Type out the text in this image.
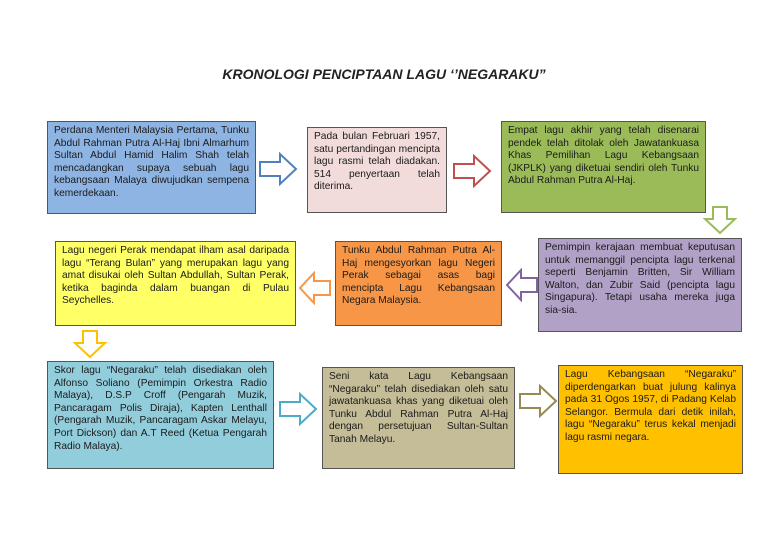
KRONOLOGI PENCIPTAAN LAGU ‘’NEGARAKU”
Perdana Menteri Malaysia Pertama, Tunku Abdul Rahman Putra Al-Haj Ibni Almarhum Sultan Abdul Hamid Halim Shah telah mencadangkan supaya sebuah lagu kebangsaan Malaya diwujudkan sempena kemerdekaan.
Pada bulan Februari 1957, satu pertandingan mencipta lagu rasmi telah diadakan. 514 penyertaan telah diterima.
Empat lagu akhir yang telah disenarai pendek telah ditolak oleh Jawatankuasa Khas Pemilihan Lagu Kebangsaan (JKPLK) yang diketuai sendiri oleh Tunku Abdul Rahman Putra Al-Haj.
Lagu negeri Perak mendapat ilham asal daripada lagu “Terang Bulan” yang merupakan lagu yang amat disukai oleh Sultan Abdullah, Sultan Perak, ketika baginda dalam buangan di Pulau Seychelles.
Tunku Abdul Rahman Putra Al-Haj mengesyorkan lagu Negeri Perak sebagai asas bagi mencipta Lagu Kebangsaan Negara Malaysia.
Pemimpin kerajaan membuat keputusan untuk memanggil pencipta lagu terkenal seperti Benjamin Britten, Sir William Walton, dan Zubir Said (pencipta lagu Singapura). Tetapi usaha mereka juga sia-sia.
Skor lagu “Negaraku” telah disediakan oleh Alfonso Soliano (Pemimpin Orkestra Radio Malaya), D.S.P Croff (Pengarah Muzik, Pancaragam Polis Diraja), Kapten Lenthall (Pengarah Muzik, Pancaragam Askar Melayu, Port Dickson) dan A.T Reed (Ketua Pengarah Radio Malaya).
Seni kata Lagu Kebangsaan “Negaraku” telah disediakan oleh satu jawatankuasa khas yang diketuai oleh Tunku Abdul Rahman Putra Al-Haj dengan persetujuan Sultan-Sultan Tanah Melayu.
Lagu Kebangsaan “Negaraku” diperdengarkan buat julung kalinya pada 31 Ogos 1957, di Padang Kelab Selangor. Bermula dari detik inilah, lagu “Negaraku” terus kekal menjadi lagu rasmi negara.
